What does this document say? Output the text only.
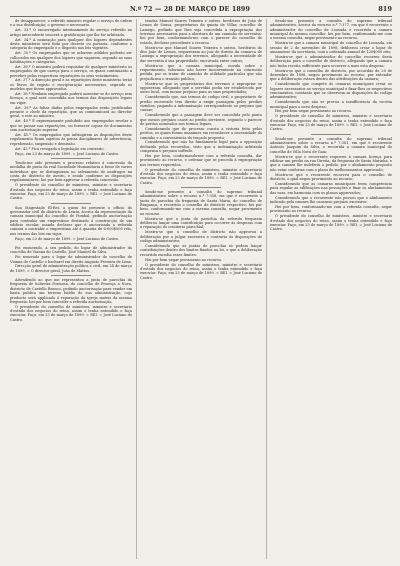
N.º 72 — 28 DE MARÇO DE 1899	819

de desapparecer; o referido ministro regular o serviço de ordem e a sua distribuição; o governo e necessario.

Art. 33.º O encarregado interinamente do serviço referido no artigo antecedente vencerá a gratificação que lhe for arbitrada.

Art. 34.º A nomeação para qualquer dos logares dependentes deste ministerio será feita por decreto ou portaria, conforme a categoria do empregado e o disposto nas leis vigentes.

Art. 35.º Os empregados que se acharem addidos poderão ser collocados em qualquer dos logares que vagarem, segundo as suas habilitações e categorias.

Art. 36.º O ministro poderá requisitar de qualquer ministerio os empregados de que careça para o serviço, os quaes continuarão a perceber pelas respectivas repartições os seus vencimentos.

Art. 37.º A direcção geral e as repartições deste ministerio terão os livros de registo e escripturação necessarios, segundo os modelos que forem approvados.

Art. 38.º Nenhum empregado poderá ausentar-se do serviço sem licença, a qual será concedida nos termos das disposições legaes em vigor.

Art. 39.º As faltas dadas pelos empregados serão justificadas perante o chefe da repartição, que as communicará ao director geral, e este ao ministro.

Art. 40.º É expressamente prohibido aos empregados revelar o que se passar nas repartições, ou fornecer copias de documentos sem auctorisação superior.

Art. 41.º Os empregados que infringirem as disposições deste regulamento ficam sujeitos ás penas disciplinares de advertencia, reprehensão, suspensão e demissão.

Art. 42.º Fica revogada a legislação em contrario.

Paço, em 23 de março de 1899. = José Luciano de Castro.

Tendo-me sido presente o processo relativo á concessão da medalha de prata da real Sociedade Humanitaria a favor de varios individuos que se distinguiram no salvamento de naufragos na costa do districto de Aveiro, e sendo conforme as disposições regulamentares: hei por bem approvar a referida concessão.

O presidente do conselho de ministros, ministro e secretario d'estado dos negocios do reino, assim o tenha entendido e faça executar. Paço, em 23 de março de 1899. = REI. = José Luciano de Castro.

Sua Magestade El-Rei, a quem foi presente o officio do governador civil do districto de Leiria, ácerca da representação da camara municipal do concelho de Pombal, pedindo auctorisação para contrahir um emprestimo destinado á construcção de um edificio escolar, manda declarar que é auctorisada a referida camara a contrahir o emprestimo até á quantia de 6:000$000 réis, nos termos das leis em vigor.

Paço, em 23 de março de 1899. = José Luciano de Castro.

Foi exonerado, a seu pedido, do logar de administrador do concelho de Vianna do Castello, José Manuel da Silva.

Foi nomeado para o logar de administrador do concelho de Vianna do Castello o bacharel em direito Augusto Ferreira de Lima.

Direcção geral de administração politica e civil, em 24 de março de 1899. = O director geral, João de Mattos.

Attendendo ao que me representou a junta de parochia da freguezia de Sobreira Formosa, do concelho de Proença a Nova, districto de Castello Branco, pedindo auctorisação para vender em hasta publica um terreno baldio de sua administração, cujo producto será applicado á reparação da igreja matriz da mesma freguezia: hei por bem conceder a referida auctorisação.

O presidente do conselho de ministros, ministro e secretario d'estado dos negocios do reino, assim o tenha entendido e faça executar. Paço, em 23 de março de 1899. = REI. = José Luciano de Castro.

vendas Manuel Soares Teixeira e outros, herdeiros de João de Lemos de Sousa, proprietarios da quinta de Villar, concelho de Lamego, pedindo que lhes seja concedida a expropriação dos terrenos necessarios para a abertura de um caminho de serventia: hei por bem, conformando-me com o parecer do conselho de estado, declarar procedente o recurso.

Mostra-se que Manuel Soares Teixeira e outros, herdeiros do dito João de Lemos, requereram ao juiz de direito da comarca de Lamego a expropriação dos terrenos, allegando a necessidade de dar serventia á sua propriedade, encravada entre outras;

Mostra-se que a camara municipal, ouvida sobre o requerimento, informou não haver inconveniente na concessão pedida, por se tratar de caminho de utilidade particular que não prejudicava o transito publico;

Mostra-se que os proprietarios dos terrenos a expropriar se oppozeram, allegando que a servidão podia ser estabelecida por outro local, com menor prejuizo para as suas propriedades;

Considerando que, nos termos do codigo civil, o proprietario de predio encravado tem direito a exigir passagem pelos predios vizinhos, pagando a indemnisação correspondente ao prejuizo que causar;

Considerando que a passagem deve ser concedida pelo ponto que menos prejuizo cause ao predio serviente, segundo o parecer de peritos nomeados nos termos legaes;

Considerando que do processo consta a vistoria feita pelos peritos, os quaes foram unanimes em reconhecer a necessidade do caminho e a conveniencia do traçado proposto;

Considerando que não ha fundamento legal para a opposição deduzida pelos recorridos, visto que a indemnisação arbitrada compensa o prejuizo soffrido:

Hei por bem, conformando-me com a referida consulta, dar provimento ao recurso, e ordenar que se proceda á expropriação nos termos requeridos.

O presidente do conselho de ministros, ministro e secretario d'estado dos negocios do reino, assim o tenha entendido e faça executar. Paço, em 23 de março de 1899. = REI. = José Luciano de Castro.

Sendo-me presente a consulta do supremo tribunal administrativo sobre o recurso n.º 7:358, em que é recorrente a junta de parochia da freguezia de Santa Maria, do concelho de Bragança, e recorrido o conselho de districto respectivo: hei por bem, conformando-me com a mesma consulta, negar provimento ao recurso.

Mostra-se que a junta de parochia da referida freguezia deliberou lançar uma contribuição para occorrer ás despezas com a reparação do cemiterio parochial;

Mostra-se que o conselho de districto não approvou a deliberação por a julgar excessiva e contraria ás disposições do codigo administrativo;

Considerando que as juntas de parochia só podem lançar contribuições dentro dos limites fixados na lei, e que a deliberação recorrida excedia esses limites:

Hei por bem negar provimento ao recurso.

O presidente do conselho de ministros, ministro e secretario d'estado dos negocios do reino, assim o tenha entendido e faça executar. Paço, em 23 de março de 1899. = REI. = José Luciano de Castro.

Sendo-me presente a consulta do supremo tribunal administrativo, ácerca do recurso n.º 7:377, em que é recorrente o administrador do concelho de Lousada e recorrida a camara municipal do mesmo concelho: hei por bem, conformando-me com a mesma consulta, negar provimento ao recurso.

Mostra-se que a camara municipal do concelho de Lousada, em sessão de 2 de novembro de 1898, deliberou crear o logar de amanuense da secretaria, com o ordenado annual de 120$000 réis;

Mostra-se que o administrador do concelho recorreu desta deliberação para o conselho de districto, allegando que a camara não tinha receita sufficiente para occorrer a mais esta despeza;

Mostra-se que o conselho de districto, por accordão de 20 de dezembro de 1898, negou provimento ao recurso, por entender que a deliberação estava dentro das attribuições da camara;

Considerando que compete ás camaras municipaes crear os logares necessarios ao serviço municipal e fixar-lhes os respectivos vencimentos, comtanto que se observem as disposições do codigo administrativo;

Considerando que não se provou a insufficiencia da receita municipal para a nova despeza:

Hei por bem negar provimento ao recurso.

O presidente do conselho de ministros, ministro e secretario d'estado dos negocios do reino, assim o tenha entendido e faça executar. Paço, em 23 de março de 1899. = REI. = José Luciano de Castro.

Sendo-me presente a consulta do supremo tribunal administrativo sobre o recurso n.º 7:381, em que é recorrente Antonio Joaquim da Silva, e recorrida a camara municipal do concelho de Villa Nova de Gaia:

Mostra-se que o recorrente requereu á camara licença para edificar um predio na rua Direita, da freguezia de Santa Marinha, e que a camara lhe indeferiu o pedido, por o alinhamento proposto não estar conforme com o plano de melhoramentos approvado;

Mostra-se que o recorrente recorreu para o conselho de districto, o qual negou provimento ao recurso;

Considerando que as camaras municipaes teem competencia para regular as edificações nas povoações e fixar os alinhamentos das ruas, em harmonia com os planos approvados;

Considerando que o recorrente não provou que o alinhamento indicado pela camara lhe causasse prejuizo excessivo:

Hei por bem, conformando-me com a referida consulta, negar provimento ao recurso.

O presidente do conselho de ministros, ministro e secretario d'estado dos negocios do reino, assim o tenha entendido e faça executar. Paço, em 23 de março de 1899. = REI. = José Luciano de Castro.
